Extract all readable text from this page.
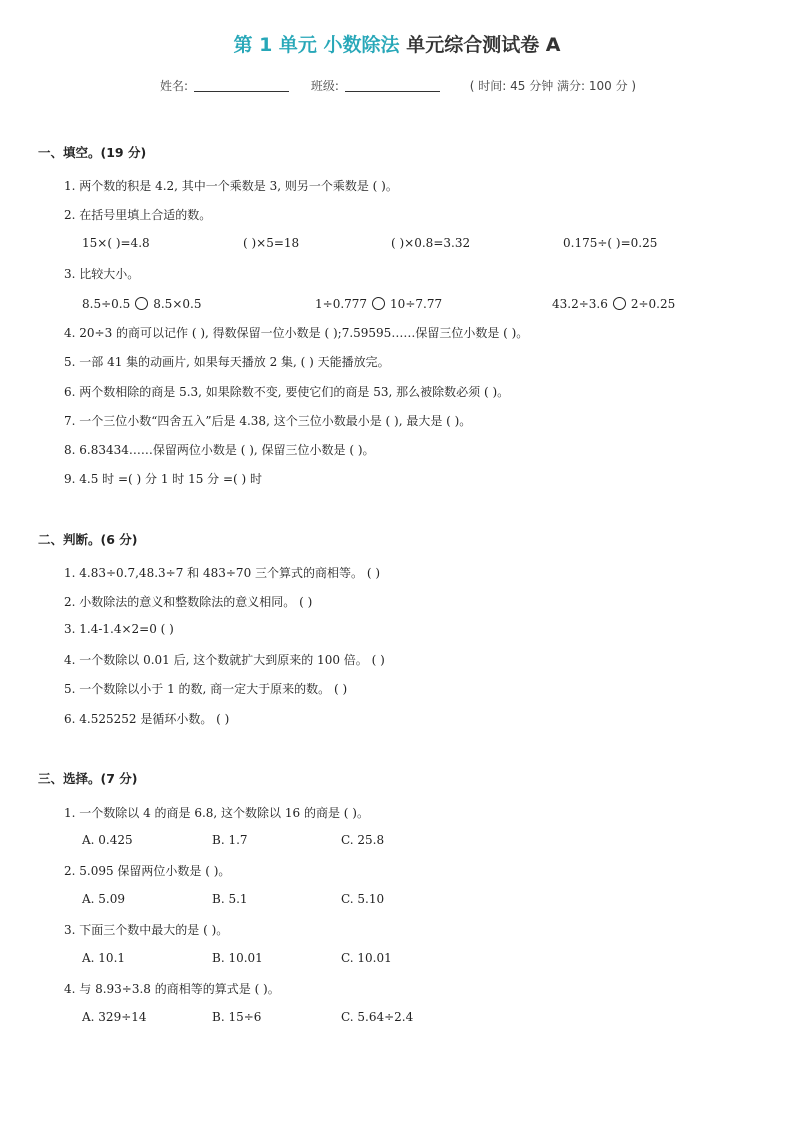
第 1 单元 小数除法 单元综合测试卷 A
姓名:	班级:	( 时间: 45 分钟 满分: 100 分 )
一、填空。(19 分)
1. 两个数的积是 4.2, 其中一个乘数是 3, 则另一个乘数是 ( )。
2. 在括号里填上合适的数。
15×( )=4.8	( )×5=18	( )×0.8=3.32	0.175÷( )=0.25
3. 比较大小。
8.5÷0.5 8.5×0.5	1÷0.777 10÷7.77	43.2÷3.6 2÷0.25
4. 20÷3 的商可以记作 ( ), 得数保留一位小数是 ( );7.59595……保留三位小数是 ( )。
5. 一部 41 集的动画片, 如果每天播放 2 集, ( ) 天能播放完。
6. 两个数相除的商是 5.3, 如果除数不变, 要使它们的商是 53, 那么被除数必须 ( )。
7. 一个三位小数“四舍五入”后是 4.38, 这个三位小数最小是 ( ), 最大是 ( )。
8. 6.83434……保留两位小数是 ( ), 保留三位小数是 ( )。
9. 4.5 时 =( ) 分 1 时 15 分 =( ) 时
二、判断。(6 分)
1. 4.83÷0.7,48.3÷7 和 483÷70 三个算式的商相等。 ( )
2. 小数除法的意义和整数除法的意义相同。 ( )
3. 1.4-1.4×2=0 ( )
4. 一个数除以 0.01 后, 这个数就扩大到原来的 100 倍。 ( )
5. 一个数除以小于 1 的数, 商一定大于原来的数。 ( )
6. 4.525252 是循环小数。 ( )
三、选择。(7 分)
1. 一个数除以 4 的商是 6.8, 这个数除以 16 的商是 ( )。
A. 0.425	B. 1.7	C. 25.8
2. 5.095 保留两位小数是 ( )。
A. 5.09	B. 5.1	C. 5.10
3. 下面三个数中最大的是 ( )。
A. 10.1	B. 10.01	C. 10.01
4. 与 8.93÷3.8 的商相等的算式是 ( )。
A. 329÷14	B. 15÷6	C. 5.64÷2.4
